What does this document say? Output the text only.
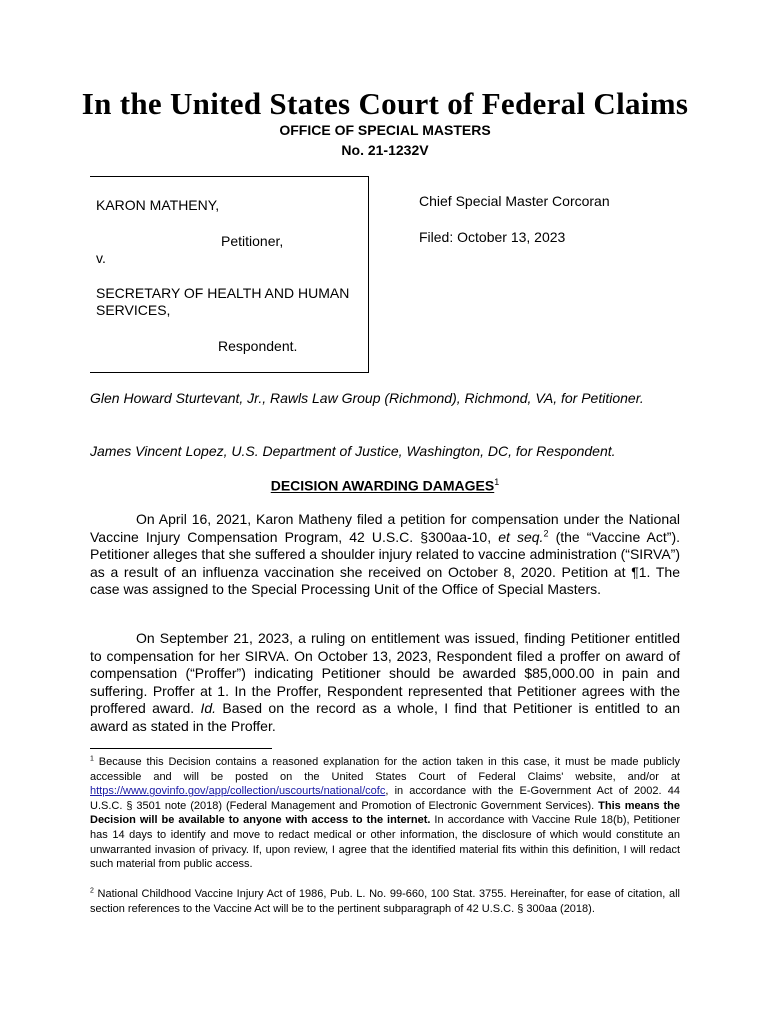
In the United States Court of Federal Claims
OFFICE OF SPECIAL MASTERS
No. 21-1232V
KARON MATHENY,
Petitioner,
v.
SECRETARY OF HEALTH AND HUMAN SERVICES,
Respondent.
Chief Special Master Corcoran
Filed: October 13, 2023
Glen Howard Sturtevant, Jr., Rawls Law Group (Richmond), Richmond, VA, for Petitioner.
James Vincent Lopez, U.S. Department of Justice, Washington, DC, for Respondent.
DECISION AWARDING DAMAGES$^1$

On April 16, 2021, Karon Matheny filed a petition for compensation under the National Vaccine Injury Compensation Program, 42 U.S.C. §300aa-10, et seq.$^2$ (the “Vaccine Act”). Petitioner alleges that she suffered a shoulder injury related to vaccine administration (“SIRVA”) as a result of an influenza vaccination she received on October 8, 2020. Petition at ¶1. The case was assigned to the Special Processing Unit of the Office of Special Masters.

On September 21, 2023, a ruling on entitlement was issued, finding Petitioner entitled to compensation for her SIRVA. On October 13, 2023, Respondent filed a proffer on award of compensation (“Proffer”) indicating Petitioner should be awarded $85,000.00 in pain and suffering. Proffer at 1. In the Proffer, Respondent represented that Petitioner agrees with the proffered award. Id. Based on the record as a whole, I find that Petitioner is entitled to an award as stated in the Proffer.

$^1$ Because this Decision contains a reasoned explanation for the action taken in this case, it must be made publicly accessible and will be posted on the United States Court of Federal Claims' website, and/or at https://www.govinfo.gov/app/collection/uscourts/national/cofc, in accordance with the E-Government Act of 2002. 44 U.S.C. § 3501 note (2018) (Federal Management and Promotion of Electronic Government Services). This means the Decision will be available to anyone with access to the internet. In accordance with Vaccine Rule 18(b), Petitioner has 14 days to identify and move to redact medical or other information, the disclosure of which would constitute an unwarranted invasion of privacy. If, upon review, I agree that the identified material fits within this definition, I will redact such material from public access.

$^2$ National Childhood Vaccine Injury Act of 1986, Pub. L. No. 99-660, 100 Stat. 3755. Hereinafter, for ease of citation, all section references to the Vaccine Act will be to the pertinent subparagraph of 42 U.S.C. § 300aa (2018).
